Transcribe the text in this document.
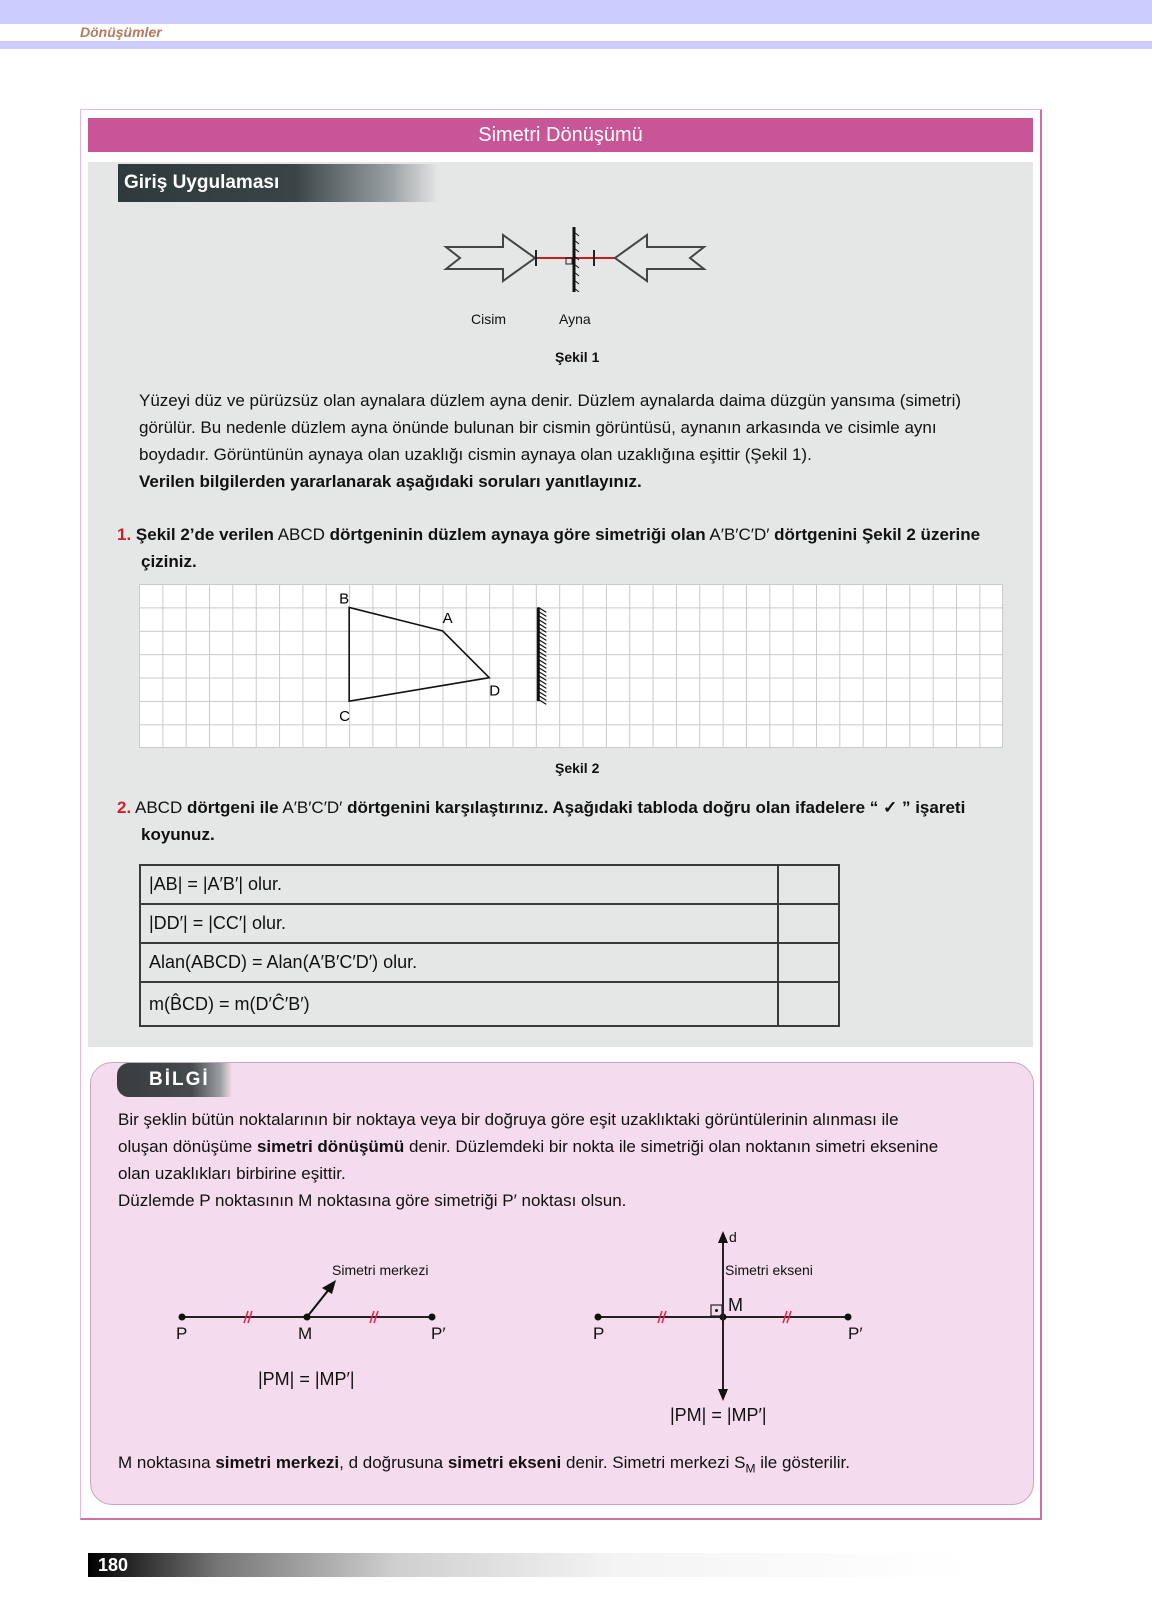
Dönüşümler
Simetri Dönüşümü
Giriş Uygulaması
Cisim	Ayna
Şekil 1
Yüzeyi düz ve pürüzsüz olan aynalara düzlem ayna denir. Düzlem aynalarda daima düzgün yansıma (simetri)
görülür. Bu nedenle düzlem ayna önünde bulunan bir cismin görüntüsü, aynanın arkasında ve cisimle aynı
boydadır. Görüntünün aynaya olan uzaklığı cismin aynaya olan uzaklığına eşittir (Şekil 1).
Verilen bilgilerden yararlanarak aşağıdaki soruları yanıtlayınız.
1. Şekil 2’de verilen ABCD dörtgeninin düzlem aynaya göre simetriği olan A′B′C′D′ dörtgenini Şekil 2 üzerine
çiziniz.
A
B
C
D
Şekil 2
2. ABCD dörtgeni ile A′B′C′D′ dörtgenini karşılaştırınız. Aşağıdaki tabloda doğru olan ifadelere “ ✓ ” işareti
koyunuz.
|AB| = |A′B′| olur.	
|DD′| = |CC′| olur.	
Alan(ABCD) = Alan(A′B′C′D′) olur.	
m(B̂CD) = m(D′Ĉ′B′)	
BİLGİ
Bir şeklin bütün noktalarının bir noktaya veya bir doğruya göre eşit uzaklıktaki görüntülerinin alınması ile
oluşan dönüşüme simetri dönüşümü denir. Düzlemdeki bir nokta ile simetriği olan noktanın simetri eksenine
olan uzaklıkları birbirine eşittir.
Düzlemde P noktasının M noktasına göre simetriği P′ noktası olsun.
Simetri merkezi
P	M	P′
|PM| = |MP′|
d
Simetri ekseni
M
P	P′
|PM| = |MP′|
M noktasına simetri merkezi, d doğrusuna simetri ekseni denir. Simetri merkezi $S_M$ ile gösterilir.
180
